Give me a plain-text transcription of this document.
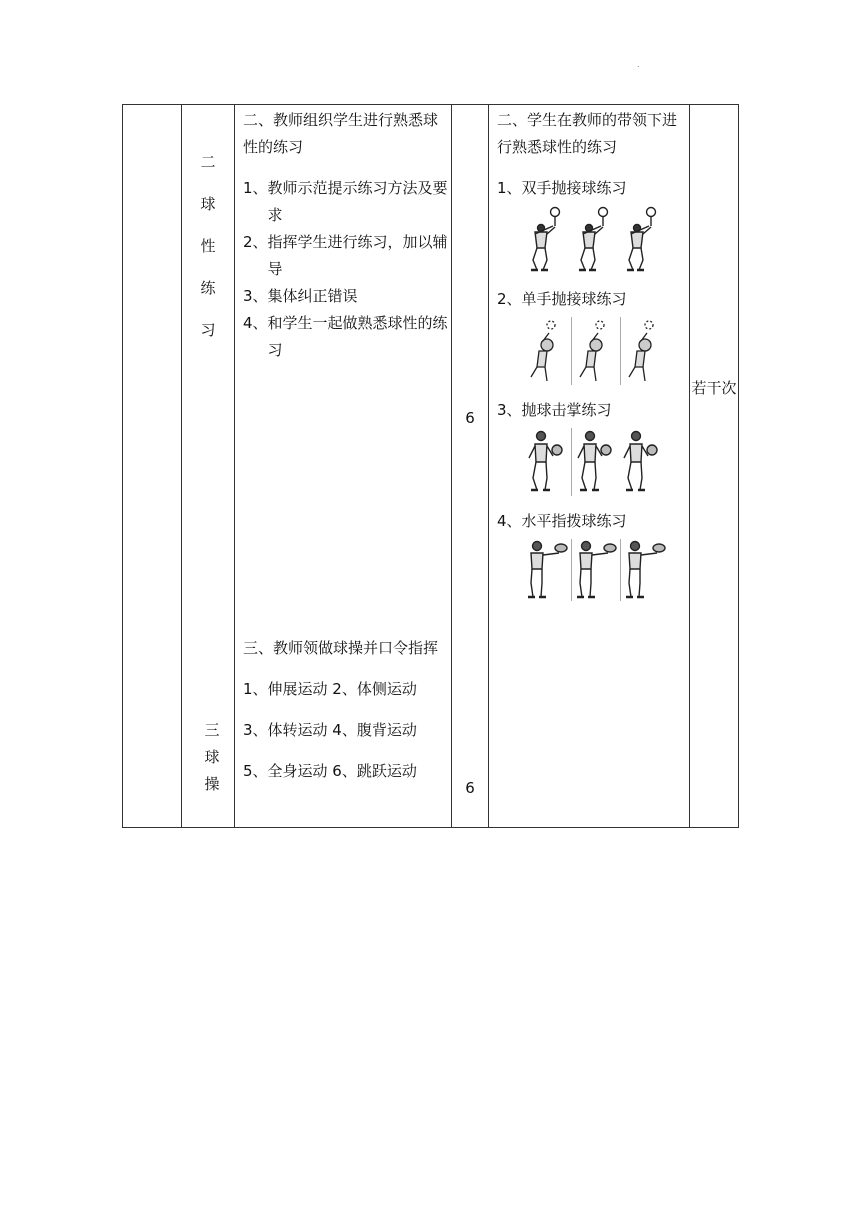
.
二
球
性
练
习
二、教师组织学生进行熟悉球性的练习
1、 教师示范提示练习方法及要求
2、 指挥学生进行练习，加以辅导
3、 集体纠正错误
4、 和学生一起做熟悉球性的练习
6
二、学生在教师的带领下进行熟悉球性的练习
1、双手抛接球练习
2、单手抛接球练习
3、抛球击掌练习
4、水平指拨球练习
若干次
三
球
操
三、教师领做球操并口令指挥
1、伸展运动 2、体侧运动
3、体转运动 4、腹背运动
5、全身运动 6、跳跃运动
6
